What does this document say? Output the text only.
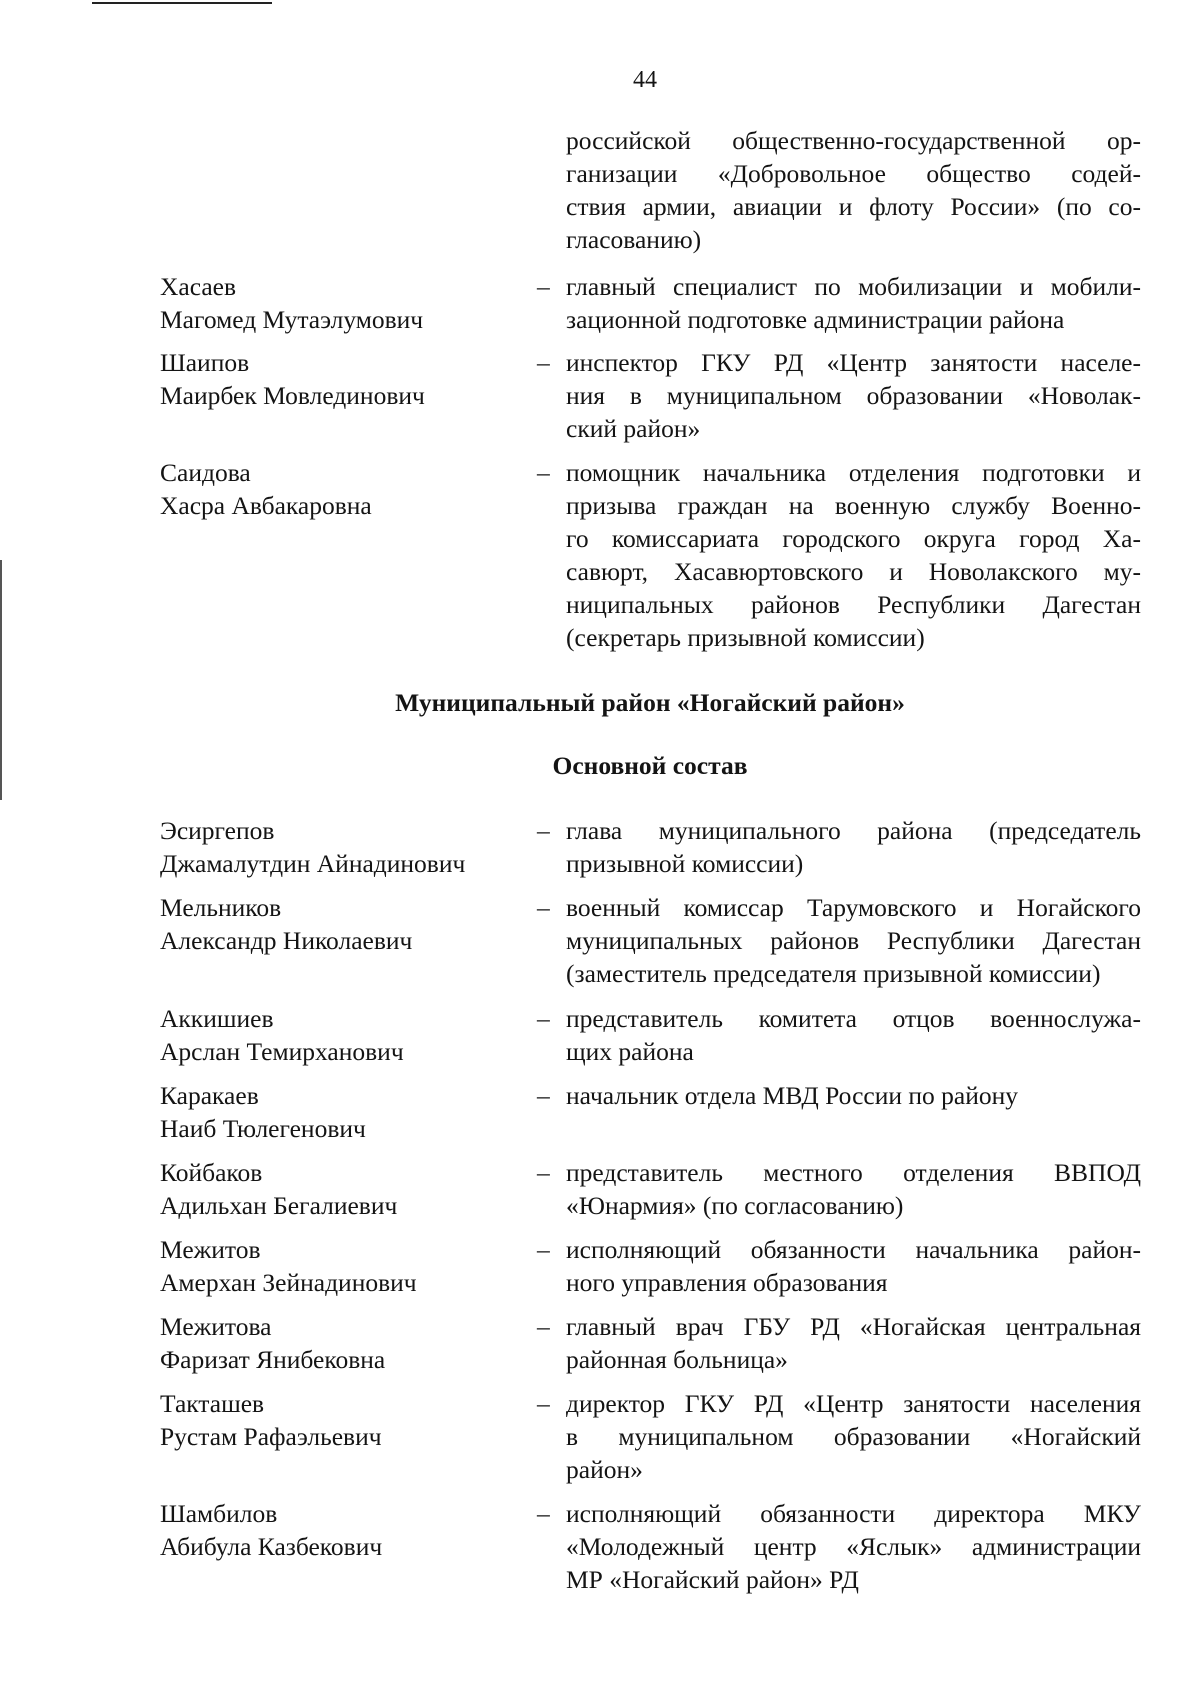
44
российской общественно-государственной ор-
ганизации «Добровольное общество содей-
ствия армии, авиации и флоту России» (по со-
гласованию)
Хасаев
Магомед Мутаэлумович
– главный специалист по мобилизации и мобили-
зационной подготовке администрации района
Шаипов
Маирбек Мовлединович
– инспектор ГКУ РД «Центр занятости населе-
ния в муниципальном образовании «Новолак-
ский район»
Саидова
Хасра Авбакаровна
– помощник начальника отделения подготовки и
призыва граждан на военную службу Военно-
го комиссариата городского округа город Ха-
савюрт, Хасавюртовского и Новолакского му-
ниципальных районов Республики Дагестан
(секретарь призывной комиссии)
Муниципальный район «Ногайский район»
Основной состав
Эсиргепов
Джамалутдин Айнадинович
– глава муниципального района (председатель
призывной комиссии)
Мельников
Александр Николаевич
– военный комиссар Тарумовского и Ногайского
муниципальных районов Республики Дагестан
(заместитель председателя призывной комиссии)
Аккишиев
Арслан Темирханович
– представитель комитета отцов военнослужа-
щих района
Каракаев
Наиб Тюлегенович
– начальник отдела МВД России по району
Койбаков
Адильхан Бегалиевич
– представитель местного отделения ВВПОД
«Юнармия» (по согласованию)
Межитов
Амерхан Зейнадинович
– исполняющий обязанности начальника район-
ного управления образования
Межитова
Фаризат Янибековна
– главный врач ГБУ РД «Ногайская центральная
районная больница»
Такташев
Рустам Рафаэльевич
– директор ГКУ РД «Центр занятости населения
в муниципальном образовании «Ногайский
район»
Шамбилов
Абибула Казбекович
– исполняющий обязанности директора МКУ
«Молодежный центр «Яслык» администрации
МР «Ногайский район» РД
